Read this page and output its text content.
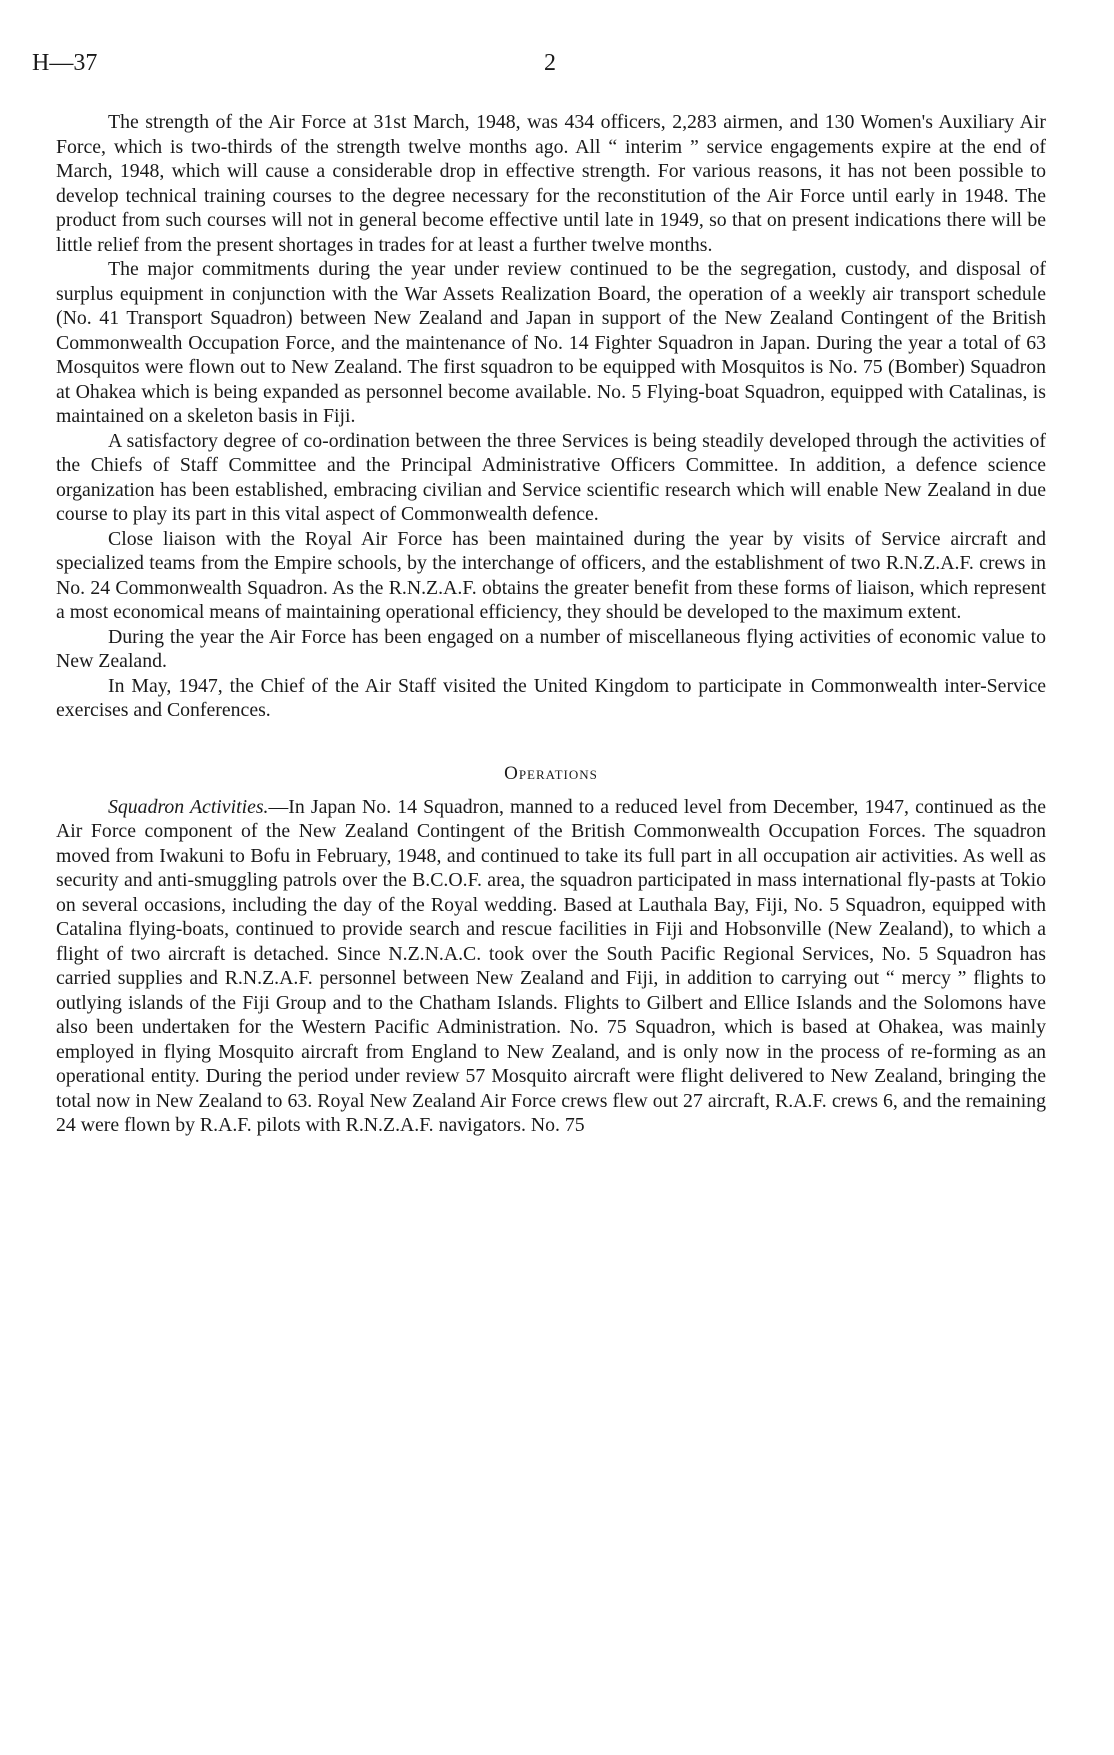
H—37	2

The strength of the Air Force at 31st March, 1948, was 434 officers, 2,283 airmen, and 130 Women's Auxiliary Air Force, which is two-thirds of the strength twelve months ago. All “ interim ” service engagements expire at the end of March, 1948, which will cause a considerable drop in effective strength. For various reasons, it has not been possible to develop technical training courses to the degree necessary for the reconstitution of the Air Force until early in 1948. The product from such courses will not in general become effective until late in 1949, so that on present indications there will be little relief from the present shortages in trades for at least a further twelve months.

The major commitments during the year under review continued to be the segregation, custody, and disposal of surplus equipment in conjunction with the War Assets Realization Board, the operation of a weekly air transport schedule (No. 41 Transport Squadron) between New Zealand and Japan in support of the New Zealand Contingent of the British Commonwealth Occupation Force, and the maintenance of No. 14 Fighter Squadron in Japan. During the year a total of 63 Mosquitos were flown out to New Zealand. The first squadron to be equipped with Mosquitos is No. 75 (Bomber) Squadron at Ohakea which is being expanded as personnel become available. No. 5 Flying-boat Squadron, equipped with Catalinas, is maintained on a skeleton basis in Fiji.

A satisfactory degree of co-ordination between the three Services is being steadily developed through the activities of the Chiefs of Staff Committee and the Principal Administrative Officers Committee. In addition, a defence science organization has been established, embracing civilian and Service scientific research which will enable New Zealand in due course to play its part in this vital aspect of Commonwealth defence.

Close liaison with the Royal Air Force has been maintained during the year by visits of Service aircraft and specialized teams from the Empire schools, by the interchange of officers, and the establishment of two R.N.Z.A.F. crews in No. 24 Commonwealth Squadron. As the R.N.Z.A.F. obtains the greater benefit from these forms of liaison, which represent a most economical means of maintaining operational efficiency, they should be developed to the maximum extent.

During the year the Air Force has been engaged on a number of miscellaneous flying activities of economic value to New Zealand.

In May, 1947, the Chief of the Air Staff visited the United Kingdom to participate in Commonwealth inter-Service exercises and Conferences.

Operations

Squadron Activities.—In Japan No. 14 Squadron, manned to a reduced level from December, 1947, continued as the Air Force component of the New Zealand Contingent of the British Commonwealth Occupation Forces. The squadron moved from Iwakuni to Bofu in February, 1948, and continued to take its full part in all occupation air activities. As well as security and anti-smuggling patrols over the B.C.O.F. area, the squadron participated in mass international fly-pasts at Tokio on several occasions, including the day of the Royal wedding. Based at Lauthala Bay, Fiji, No. 5 Squadron, equipped with Catalina flying-boats, continued to provide search and rescue facilities in Fiji and Hobsonville (New Zealand), to which a flight of two aircraft is detached. Since N.Z.N.A.C. took over the South Pacific Regional Services, No. 5 Squadron has carried supplies and R.N.Z.A.F. personnel between New Zealand and Fiji, in addition to carrying out “ mercy ” flights to outlying islands of the Fiji Group and to the Chatham Islands. Flights to Gilbert and Ellice Islands and the Solomons have also been undertaken for the Western Pacific Administration. No. 75 Squadron, which is based at Ohakea, was mainly employed in flying Mosquito aircraft from England to New Zealand, and is only now in the process of re-forming as an operational entity. During the period under review 57 Mosquito aircraft were flight delivered to New Zealand, bringing the total now in New Zealand to 63. Royal New Zealand Air Force crews flew out 27 aircraft, R.A.F. crews 6, and the remaining 24 were flown by R.A.F. pilots with R.N.Z.A.F. navigators. No. 75
